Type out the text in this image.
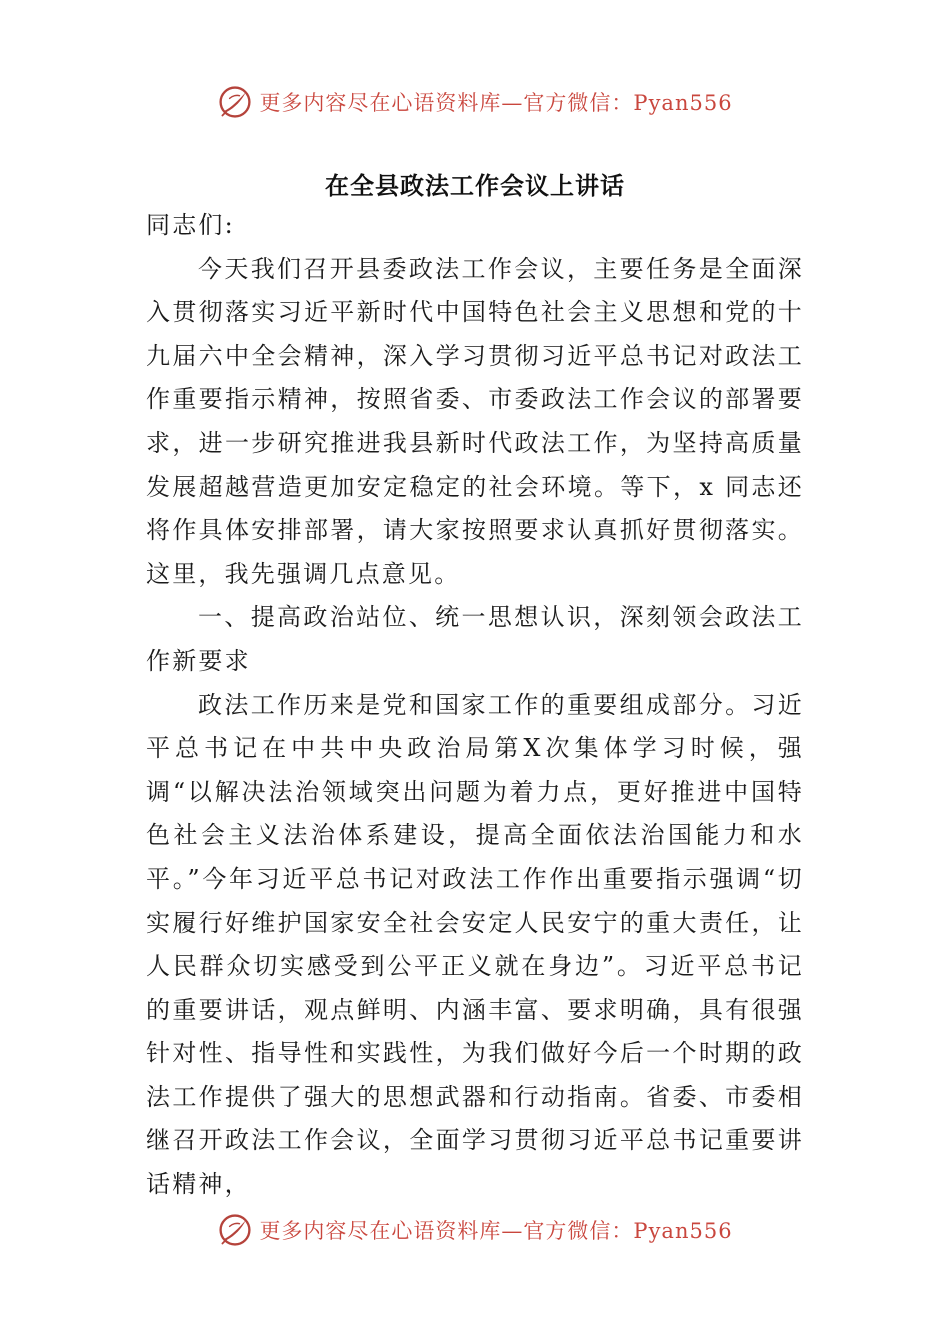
更多内容尽在心语资料库—官方微信：Pyan556
在全县政法工作会议上讲话

同志们:

今天我们召开县委政法工作会议，主要任务是全面深入贯彻落实习近平新时代中国特色社会主义思想和党的十九届六中全会精神，深入学习贯彻习近平总书记对政法工作重要指示精神，按照省委、市委政法工作会议的部署要求，进一步研究推进我县新时代政法工作，为坚持高质量发展超越营造更加安定稳定的社会环境。等下，x 同志还将作具体安排部署，请大家按照要求认真抓好贯彻落实。这里，我先强调几点意见。

一、提高政治站位、统一思想认识，深刻领会政法工作新要求

政法工作历来是党和国家工作的重要组成部分。习近平总书记在中共中央政治局第X次集体学习时候，强调“以解决法治领域突出问题为着力点，更好推进中国特色社会主义法治体系建设，提高全面依法治国能力和水平。”今年习近平总书记对政法工作作出重要指示强调“切实履行好维护国家安全社会安定人民安宁的重大责任，让人民群众切实感受到公平正义就在身边”。习近平总书记的重要讲话，观点鲜明、内涵丰富、要求明确，具有很强针对性、指导性和实践性，为我们做好今后一个时期的政法工作提供了强大的思想武器和行动指南。省委、市委相继召开政法工作会议，全面学习贯彻习近平总书记重要讲话精神，

更多内容尽在心语资料库—官方微信：Pyan556
